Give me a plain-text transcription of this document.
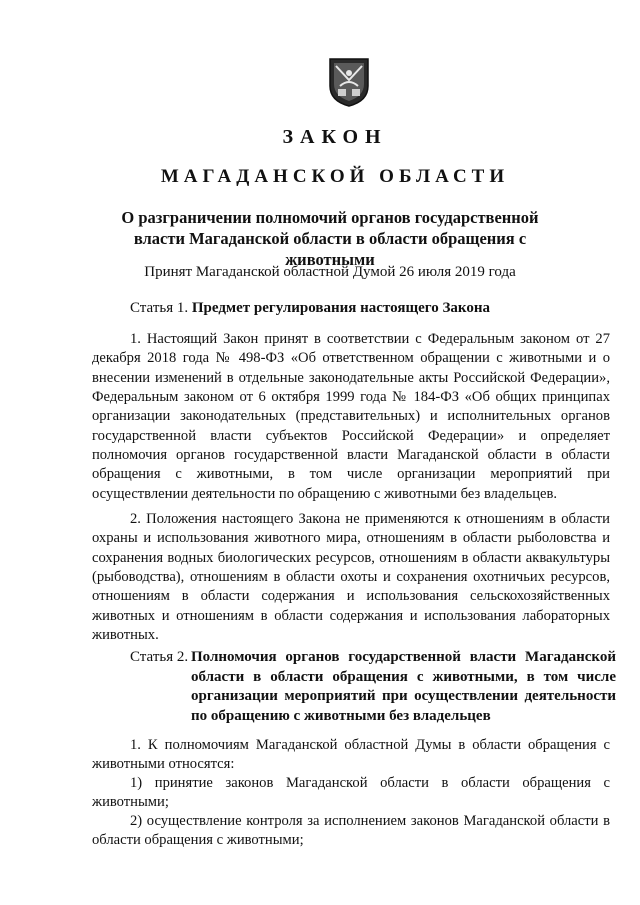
ЗАКОН
МАГАДАНСКОЙ ОБЛАСТИ
О разграничении полномочий органов государственной
власти Магаданской области в области обращения с животными
Принят Магаданской областной Думой 26 июля 2019 года
Статья 1. Предмет регулирования настоящего Закона
1. Настоящий Закон принят в соответствии с Федеральным законом от 27 декабря 2018 года № 498-ФЗ «Об ответственном обращении с животными и о внесении изменений в отдельные законодательные акты Российской Федерации», Федеральным законом от 6 октября 1999 года № 184-ФЗ «Об общих принципах организации законодательных (представительных) и исполнительных органов государственной власти субъектов Российской Федерации» и определяет полномочия органов государственной власти Магаданской области в области обращения с животными, в том числе организации мероприятий при осуществлении деятельности по обращению с животными без владельцев.
2. Положения настоящего Закона не применяются к отношениям в области охраны и использования животного мира, отношениям в области рыболовства и сохранения водных биологических ресурсов, отношениям в области аквакультуры (рыбоводства), отношениям в области охоты и сохранения охотничьих ресурсов, отношениям в области содержания и использования сельскохозяйственных животных и отношениям в области содержания и использования лабораторных животных.
Статья 2. Полномочия органов государственной власти Магаданской области в области обращения с животными, в том числе организации мероприятий при осуществлении деятельности по обращению с животными без владельцев
1. К полномочиям Магаданской областной Думы в области обращения с животными относятся:
1) принятие законов Магаданской области в области обращения с животными;
2) осуществление контроля за исполнением законов Магаданской области в области обращения с животными;
